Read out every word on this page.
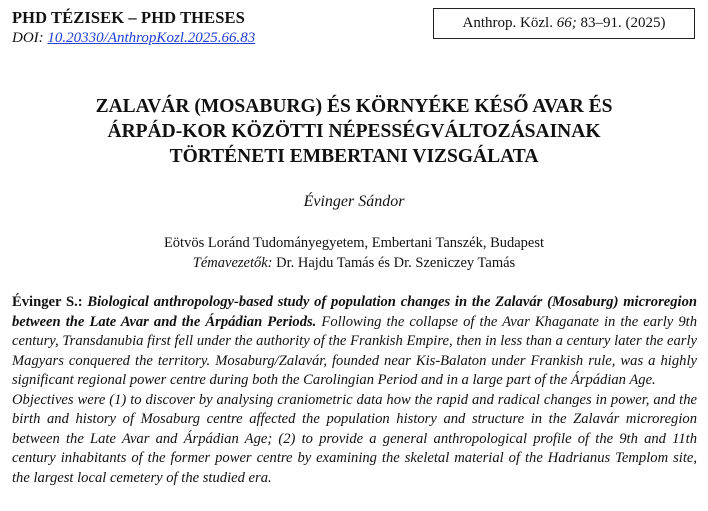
PHD TÉZISEK – PHD THESES
DOI: 10.20330/AnthropKozl.2025.66.83
Anthrop. Közl. 66; 83–91. (2025)
ZALAVÁR (MOSABURG) ÉS KÖRNYÉKE KÉSŐ AVAR ÉS
ÁRPÁD-KOR KÖZÖTTI NÉPESSÉGVÁLTOZÁSAINAK
TÖRTÉNETI EMBERTANI VIZSGÁLATA
Évinger Sándor
Eötvös Loránd Tudományegyetem, Embertani Tanszék, Budapest
Témavezetők: Dr. Hajdu Tamás és Dr. Szeniczey Tamás

Évinger S.: Biological anthropology-based study of population changes in the Zalavár (Mosaburg) microregion between the Late Avar and the Árpádian Periods. Following the collapse of the Avar Khaganate in the early 9th century, Transdanubia first fell under the authority of the Frankish Empire, then in less than a century later the early Magyars conquered the territory. Mosaburg/Zalavár, founded near Kis-Balaton under Frankish rule, was a highly significant regional power centre during both the Carolingian Period and in a large part of the Árpádian Age.

Objectives were (1) to discover by analysing craniometric data how the rapid and radical changes in power, and the birth and history of Mosaburg centre affected the population history and structure in the Zalavár microregion between the Late Avar and Árpádian Age; (2) to provide a general anthropological profile of the 9th and 11th century inhabitants of the former power centre by examining the skeletal material of the Hadrianus Templom site, the largest local cemetery of the studied era.
